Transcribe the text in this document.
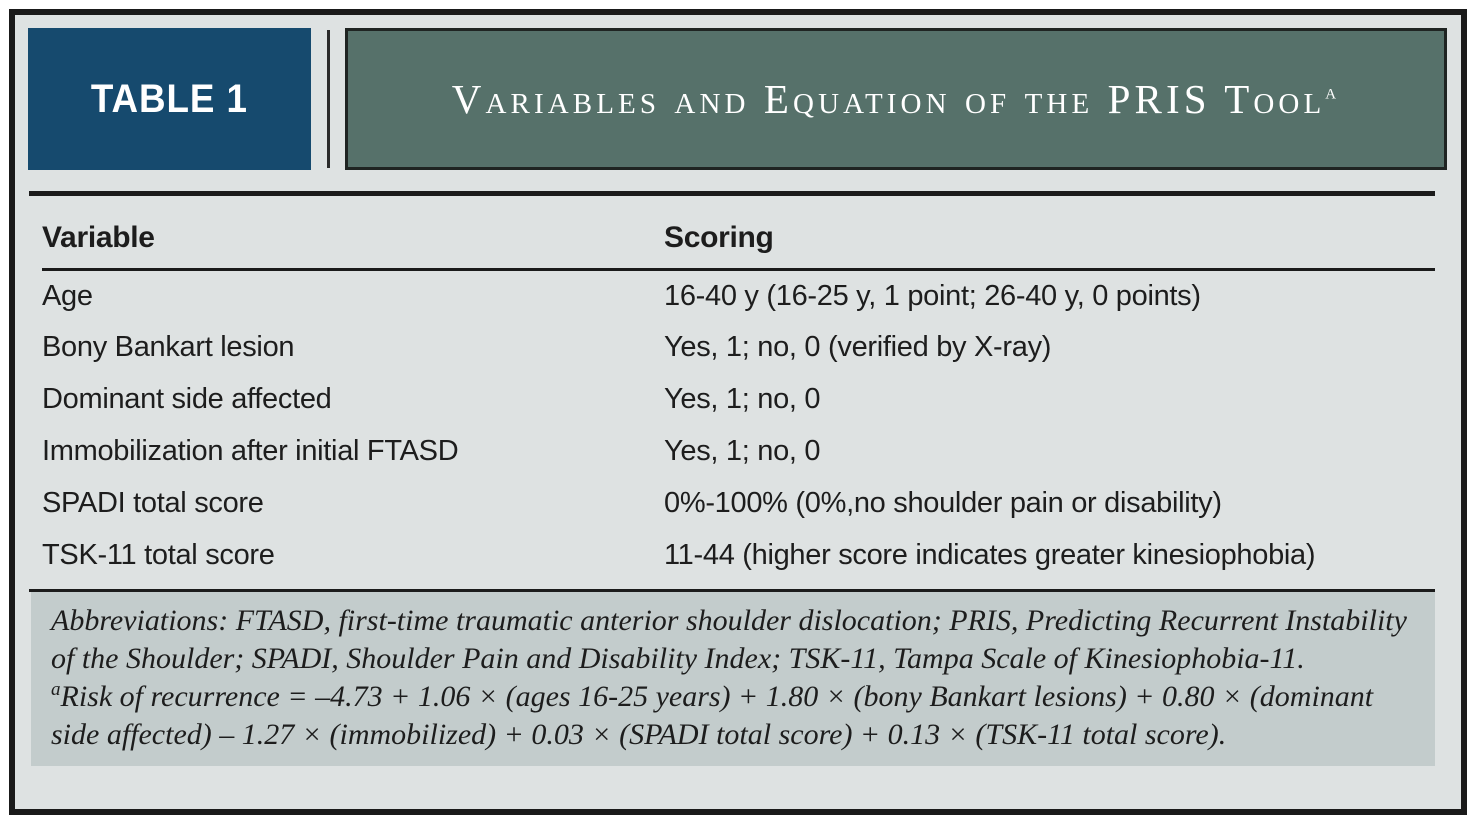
TABLE 1	Variables and Equation of the PRIS Tool$^a$
Variable	Scoring
Age	16-40 y (16-25 y, 1 point; 26-40 y, 0 points)
Bony Bankart lesion	Yes, 1; no, 0 (verified by X-ray)
Dominant side affected	Yes, 1; no, 0
Immobilization after initial FTASD	Yes, 1; no, 0
SPADI total score	0%-100% (0%,no shoulder pain or disability)
TSK-11 total score	11-44 (higher score indicates greater kinesiophobia)
Abbreviations: FTASD, first-time traumatic anterior shoulder dislocation; PRIS, Predicting Recurrent Instability of the Shoulder; SPADI, Shoulder Pain and Disability Index; TSK-11, Tampa Scale of Kinesiophobia-11.
$^a$Risk of recurrence = –4.73 + 1.06 × (ages 16-25 years) + 1.80 × (bony Bankart lesions) + 0.80 × (dominant side affected) – 1.27 × (immobilized) + 0.03 × (SPADI total score) + 0.13 × (TSK-11 total score).
